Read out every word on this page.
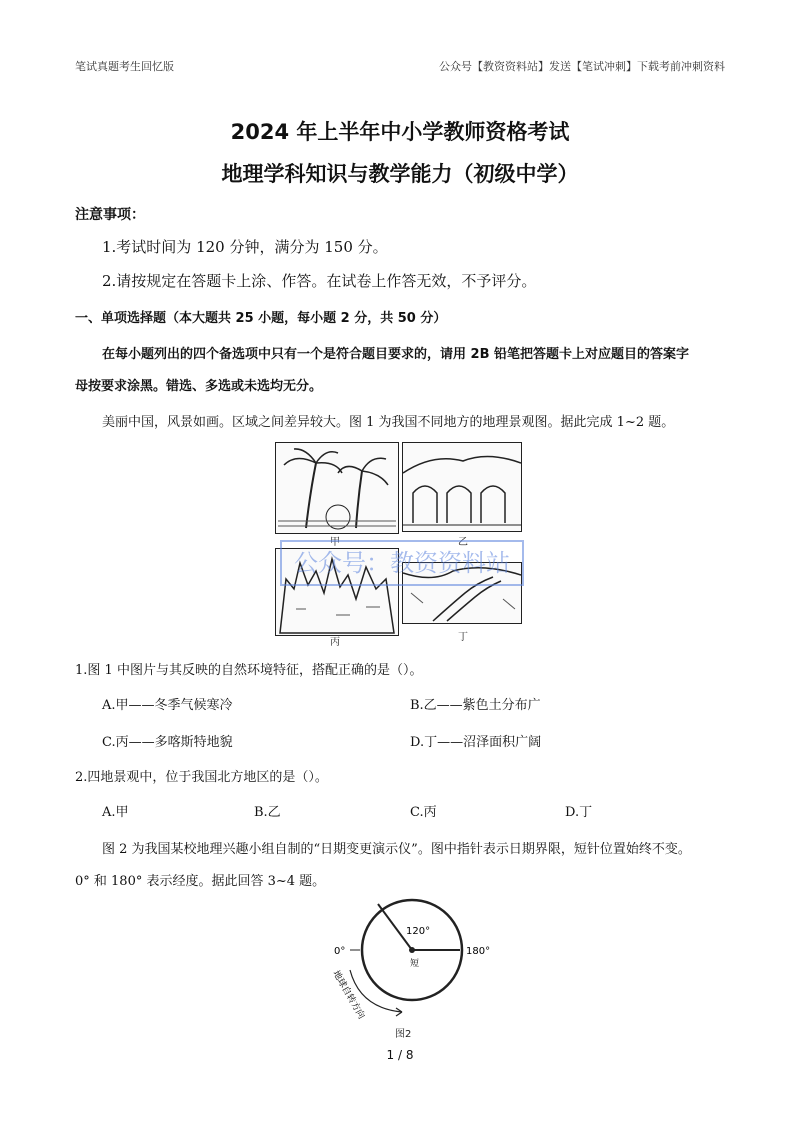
笔试真题考生回忆版	公众号【教资资料站】发送【笔试冲刺】下载考前冲刺资料
2024 年上半年中小学教师资格考试
地理学科知识与教学能力（初级中学）
注意事项：
1.考试时间为 120 分钟，满分为 150 分。
2.请按规定在答题卡上涂、作答。在试卷上作答无效，不予评分。
一、单项选择题（本大题共 25 小题，每小题 2 分，共 50 分）
在每小题列出的四个备选项中只有一个是符合题目要求的，请用 2B 铅笔把答题卡上对应题目的答案字
母按要求涂黑。错选、多选或未选均无分。
美丽中国，风景如画。区域之间差异较大。图 1 为我国不同地方的地理景观图。据此完成 1~2 题。
甲	乙
丙	丁
公众号：教资资料站
1.图 1 中图片与其反映的自然环境特征，搭配正确的是（）。
A.甲——冬季气候寒冷	B.乙——紫色土分布广
C.丙——多喀斯特地貌	D.丁——沼泽面积广阔
2.四地景观中，位于我国北方地区的是（）。
A.甲	B.乙	C.丙	D.丁
图 2 为我国某校地理兴趣小组自制的“日期变更演示仪”。图中指针表示日期界限，短针位置始终不变。
0° 和 180° 表示经度。据此回答 3~4 题。
120°
0°	180°
短
地球自转方向
图2
1 / 8
